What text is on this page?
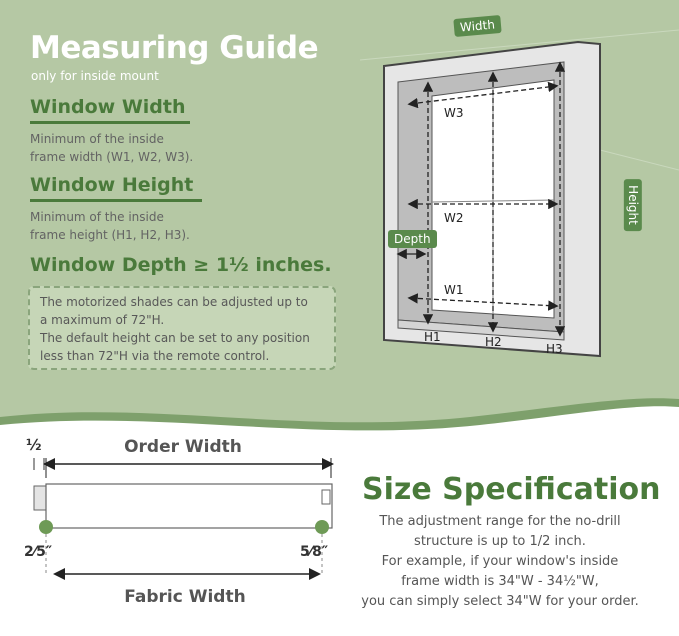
Measuring Guide
only for inside mount
Window Width
Minimum of the inside
frame width (W1, W2, W3).
Window Height
Minimum of the inside
frame height (H1, H2, H3).
Window Depth ≥ 1½ inches.
The motorized shades can be adjusted up to
a maximum of 72"H.
The default height can be set to any position
less than 72"H via the remote control.
W3
W2
W1
H1	H2	H3
Width
Depth
Height
½	Order Width
2⁄5″	5⁄8″
Fabric Width
Size Specification
The adjustment range for the no-drill
structure is up to 1/2 inch.
For example, if your window's inside
frame width is 34"W - 34½"W,
you can simply select 34"W for your order.
